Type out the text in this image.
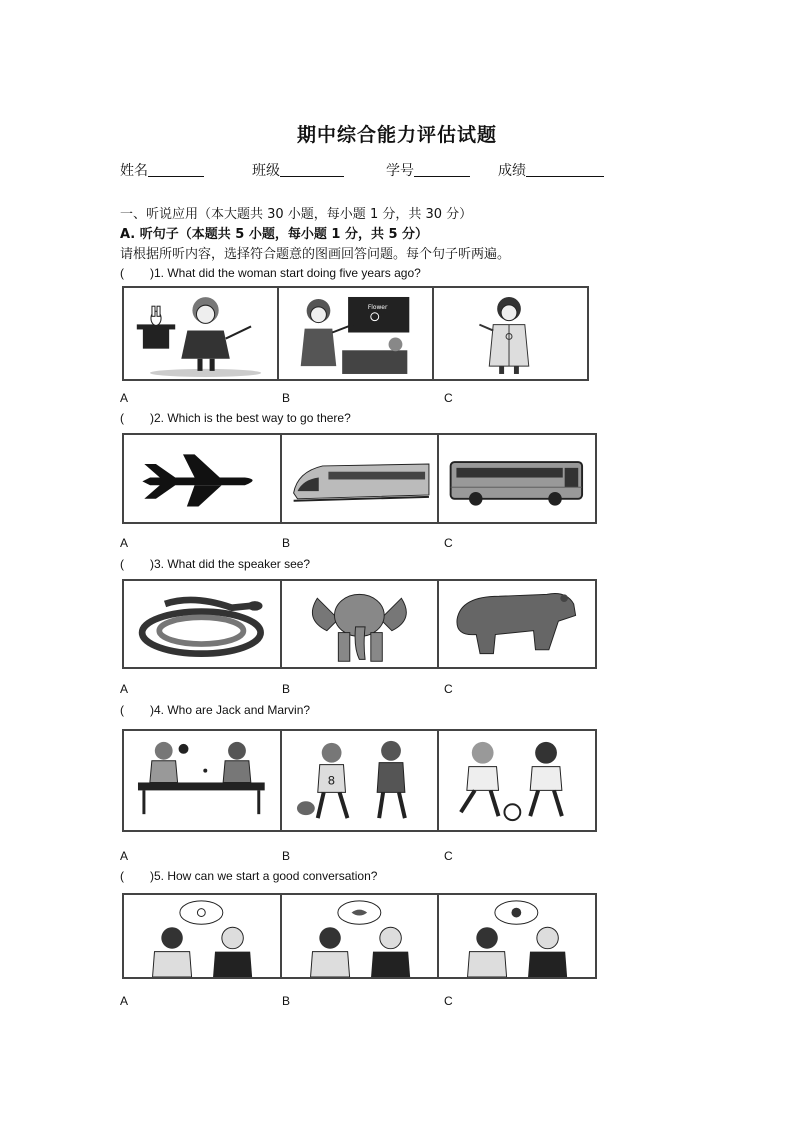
期中综合能力评估试题
姓名	班级	学号	成绩
一、听说应用（本大题共 30 小题，每小题 1 分，共 30 分）
A. 听句子（本题共 5 小题，每小题 1 分，共 5 分）
请根据所听内容，选择符合题意的图画回答问题。每个句子听两遍。
( )1. What did the woman start doing five years ago?
Flower
A	B	C
( )2. Which is the best way to go there?
A	B	C
( )3. What did the speaker see?
A	B	C
( )4. Who are Jack and Marvin?
8
A	B	C
( )5. How can we start a good conversation?
A	B	C
